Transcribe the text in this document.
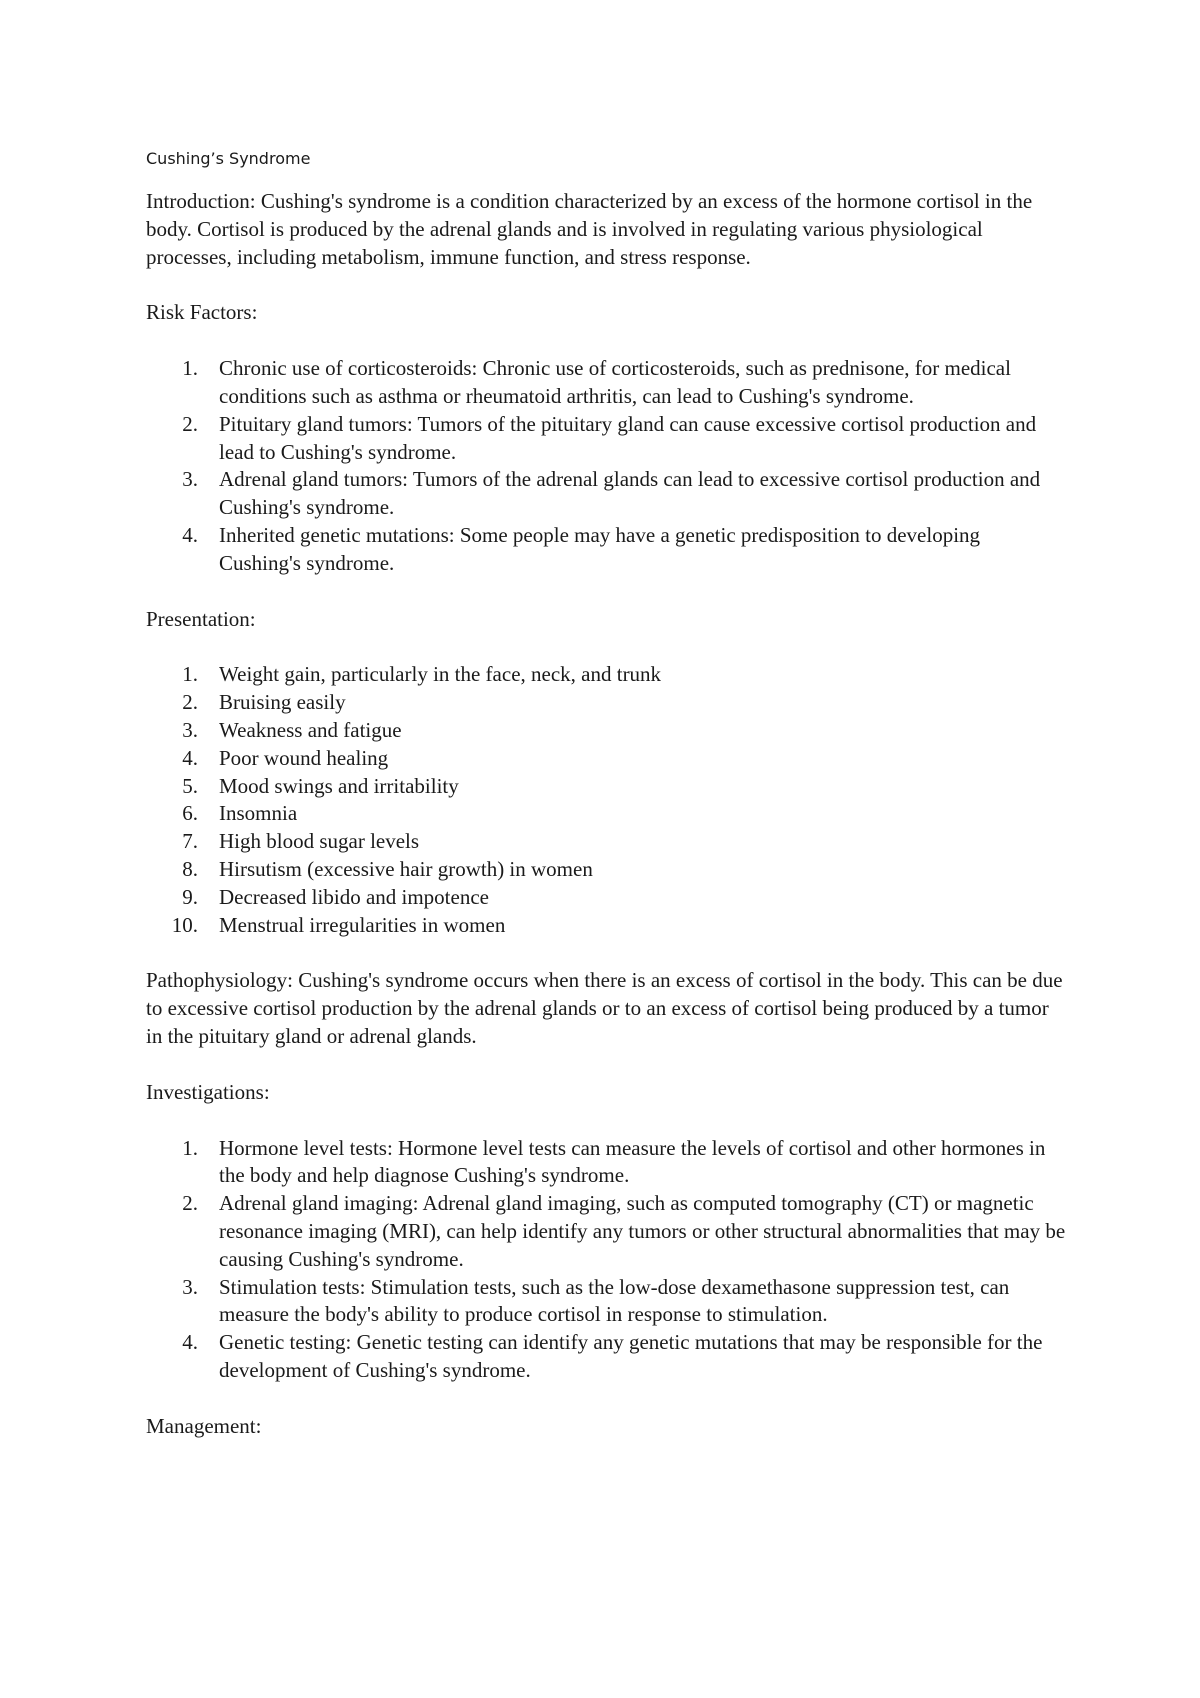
Cushing’s Syndrome

Introduction: Cushing's syndrome is a condition characterized by an excess of the hormone cortisol in the body. Cortisol is produced by the adrenal glands and is involved in regulating various physiological processes, including metabolism, immune function, and stress response.

Risk Factors:

1. Chronic use of corticosteroids: Chronic use of corticosteroids, such as prednisone, for medical conditions such as asthma or rheumatoid arthritis, can lead to Cushing's syndrome.
2. Pituitary gland tumors: Tumors of the pituitary gland can cause excessive cortisol production and lead to Cushing's syndrome.
3. Adrenal gland tumors: Tumors of the adrenal glands can lead to excessive cortisol production and Cushing's syndrome.
4. Inherited genetic mutations: Some people may have a genetic predisposition to developing Cushing's syndrome.

Presentation:

1. Weight gain, particularly in the face, neck, and trunk
2. Bruising easily
3. Weakness and fatigue
4. Poor wound healing
5. Mood swings and irritability
6. Insomnia
7. High blood sugar levels
8. Hirsutism (excessive hair growth) in women
9. Decreased libido and impotence
10. Menstrual irregularities in women

Pathophysiology: Cushing's syndrome occurs when there is an excess of cortisol in the body. This can be due to excessive cortisol production by the adrenal glands or to an excess of cortisol being produced by a tumor in the pituitary gland or adrenal glands.

Investigations:

1. Hormone level tests: Hormone level tests can measure the levels of cortisol and other hormones in the body and help diagnose Cushing's syndrome.
2. Adrenal gland imaging: Adrenal gland imaging, such as computed tomography (CT) or magnetic resonance imaging (MRI), can help identify any tumors or other structural abnormalities that may be causing Cushing's syndrome.
3. Stimulation tests: Stimulation tests, such as the low-dose dexamethasone suppression test, can measure the body's ability to produce cortisol in response to stimulation.
4. Genetic testing: Genetic testing can identify any genetic mutations that may be responsible for the development of Cushing's syndrome.

Management:
